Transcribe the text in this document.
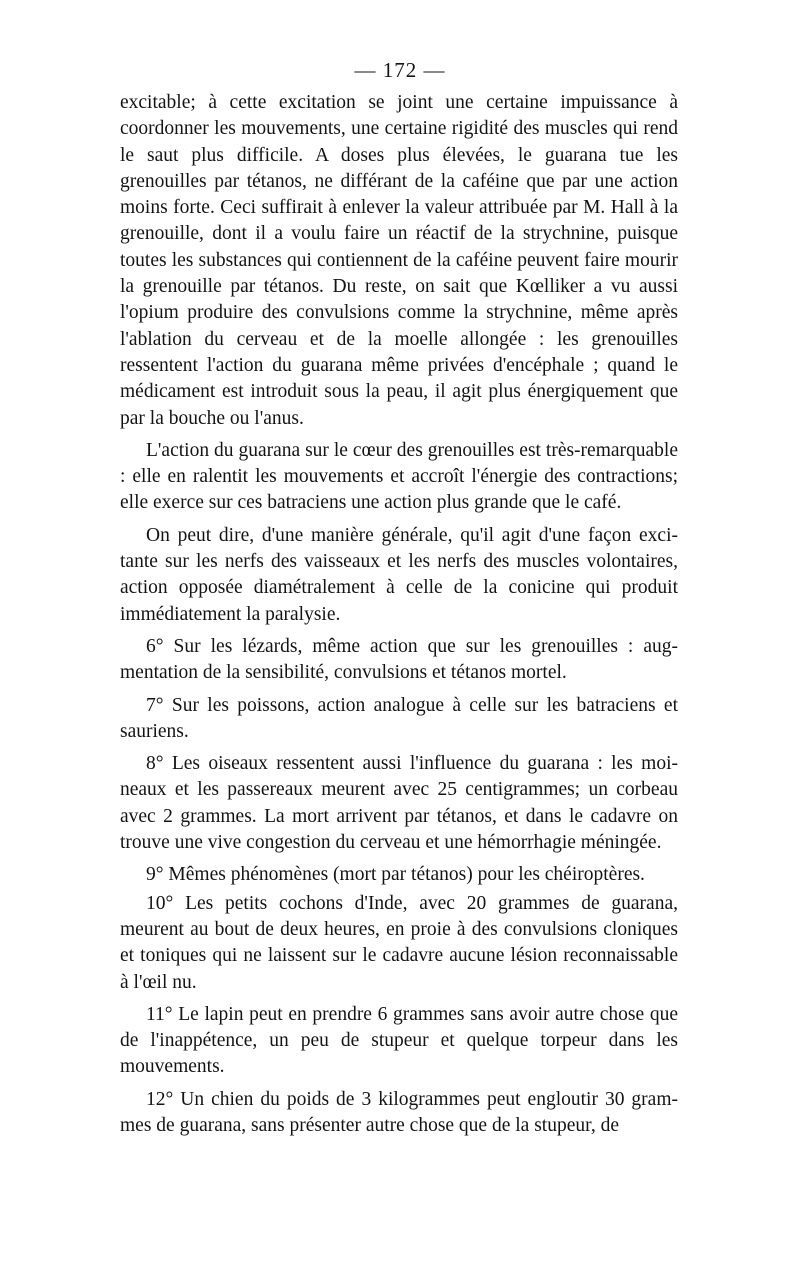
— 172 —

excitable; à cette excitation se joint une certaine impuissance à coordonner les mouvements, une certaine rigidité des muscles qui rend le saut plus difficile. A doses plus élevées, le guarana tue les grenouilles par tétanos, ne différant de la caféine que par une action moins forte. Ceci suffirait à enlever la valeur attribuée par M. Hall à la grenouille, dont il a voulu faire un réactif de la strychnine, puisque toutes les substances qui contiennent de la caféine peuvent faire mourir la grenouille par tétanos. Du reste, on sait que Kœlliker a vu aussi l'opium produire des convulsions comme la strychnine, même après l'ablation du cerveau et de la moelle allongée : les grenouilles ressentent l'action du guarana même privées d'encéphale ; quand le médicament est introduit sous la peau, il agit plus énergiquement que par la bouche ou l'anus.

L'action du guarana sur le cœur des grenouilles est très-remarquable : elle en ralentit les mouvements et accroît l'énergie des contractions; elle exerce sur ces batraciens une action plus grande que le café.

On peut dire, d'une manière générale, qu'il agit d'une façon excitante sur les nerfs des vaisseaux et les nerfs des muscles volontaires, action opposée diamétralement à celle de la conicine qui produit immédiatement la paralysie.

6° Sur les lézards, même action que sur les grenouilles : augmentation de la sensibilité, convulsions et tétanos mortel.

7° Sur les poissons, action analogue à celle sur les batraciens et sauriens.

8° Les oiseaux ressentent aussi l'influence du guarana : les moineaux et les passereaux meurent avec 25 centigrammes; un corbeau avec 2 grammes. La mort arrivent par tétanos, et dans le cadavre on trouve une vive congestion du cerveau et une hémorrhagie méningée.

9° Mêmes phénomènes (mort par tétanos) pour les chéiroptères.

10° Les petits cochons d'Inde, avec 20 grammes de guarana, meurent au bout de deux heures, en proie à des convulsions cloniques et toniques qui ne laissent sur le cadavre aucune lésion reconnaissable à l'œil nu.

11° Le lapin peut en prendre 6 grammes sans avoir autre chose que de l'inappétence, un peu de stupeur et quelque torpeur dans les mouvements.

12° Un chien du poids de 3 kilogrammes peut engloutir 30 grammes de guarana, sans présenter autre chose que de la stupeur, de
